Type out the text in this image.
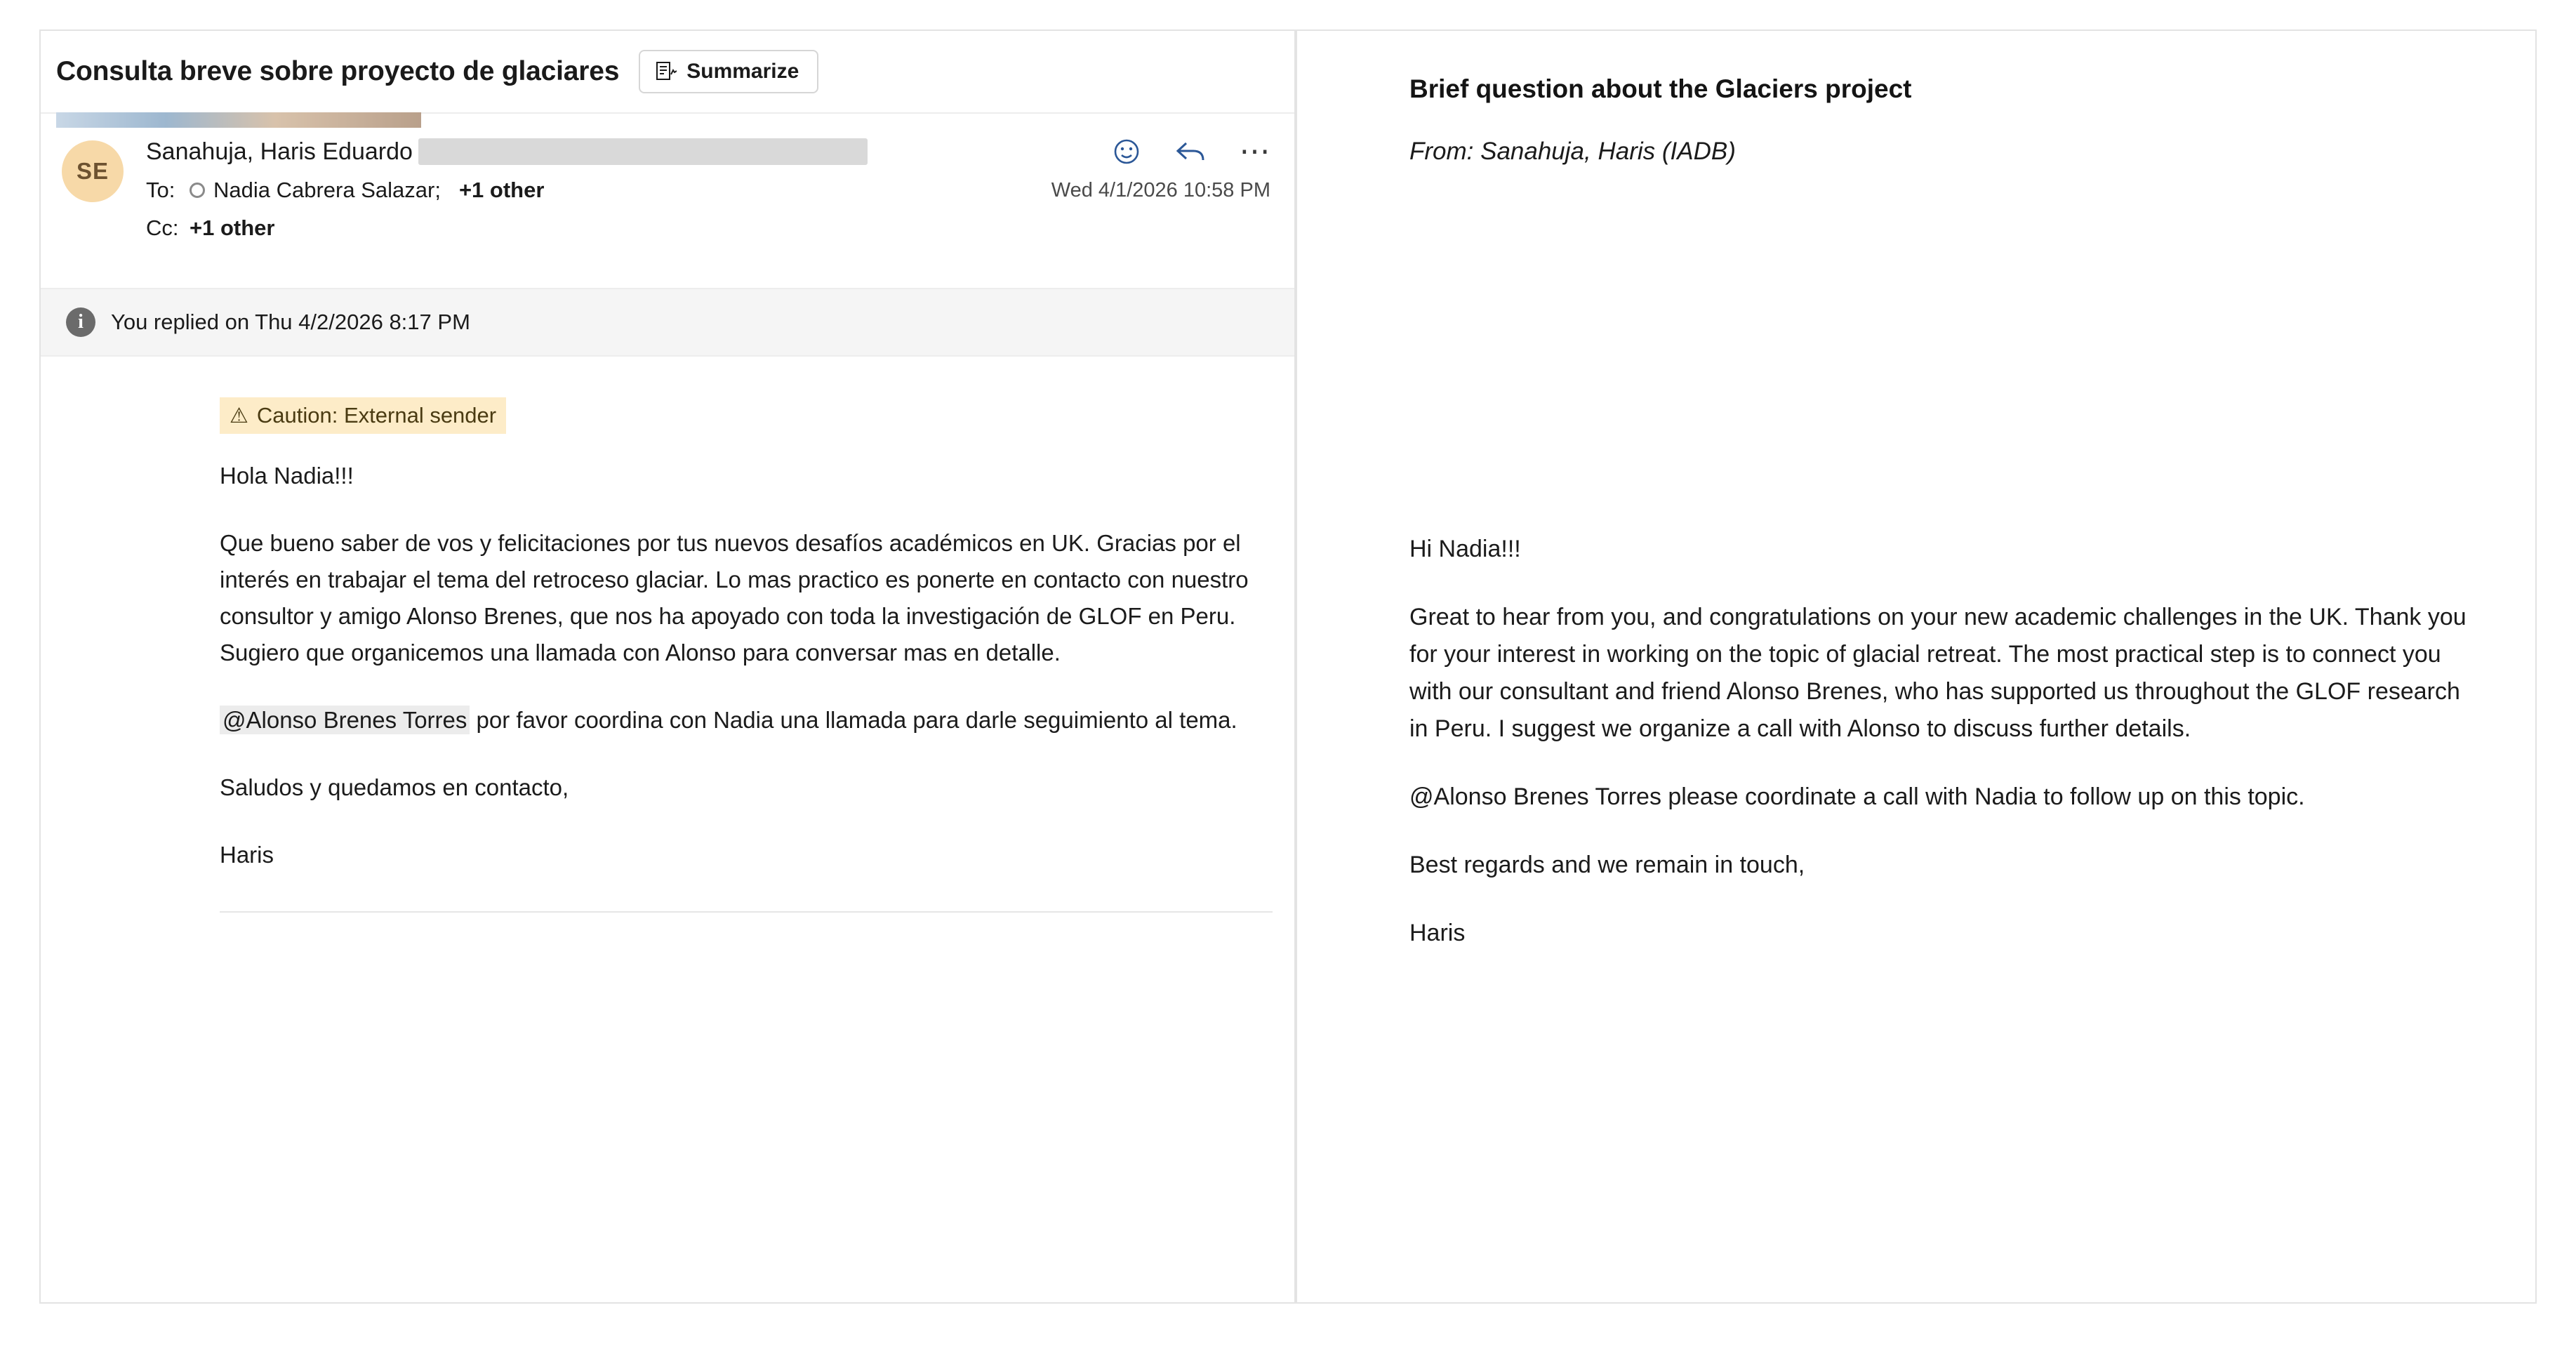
Consulta breve sobre proyecto de glaciares	Summarize
SE
Sanahuja, Haris Eduardo	⋯
To:	Nadia Cabrera Salazar; +1 other	Wed 4/1/2026 10:58 PM
Cc: +1 other
i	You replied on Thu 4/2/2026 8:17 PM
⚠ Caution: External sender

Hola Nadia!!!

Que bueno saber de vos y felicitaciones por tus nuevos desafíos académicos en UK. Gracias por el interés en trabajar el tema del retroceso glaciar. Lo mas practico es ponerte en contacto con nuestro consultor y amigo Alonso Brenes, que nos ha apoyado con toda la investigación de GLOF en Peru. Sugiero que organicemos una llamada con Alonso para conversar mas en detalle.

@Alonso Brenes Torres por favor coordina con Nadia una llamada para darle seguimiento al tema.

Saludos y quedamos en contacto,

Haris

Brief question about the Glaciers project
From: Sanahuja, Haris (IADB)

Hi Nadia!!!

Great to hear from you, and congratulations on your new academic challenges in the UK. Thank you for your interest in working on the topic of glacial retreat. The most practical step is to connect you with our consultant and friend Alonso Brenes, who has supported us throughout the GLOF research in Peru. I suggest we organize a call with Alonso to discuss further details.

@Alonso Brenes Torres please coordinate a call with Nadia to follow up on this topic.

Best regards and we remain in touch,

Haris
